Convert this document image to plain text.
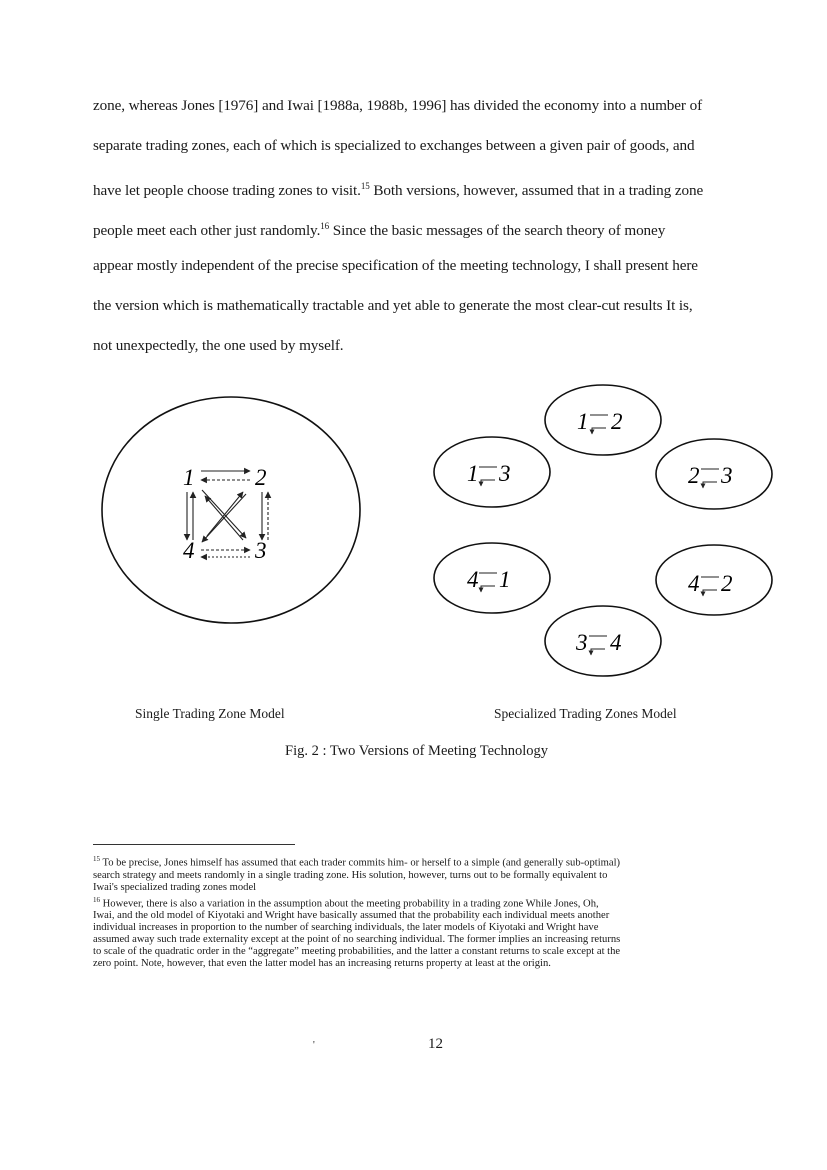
zone, whereas Jones [1976] and Iwai [1988a, 1988b, 1996] has divided the economy into a number of
separate trading zones, each of which is specialized to exchanges between a given pair of goods, and
have let people choose trading zones to visit.$^{15}$ Both versions, however, assumed that in a trading zone
people meet each other just randomly.$^{16}$ Since the basic messages of the search theory of money
appear mostly independent of the precise specification of the meeting technology, I shall present here
the version which is mathematically tractable and yet able to generate the most clear-cut results It is,
not unexpectedly, the one used by myself.

1	2
3
4
1 2
1 3	2 3
4 1	4 2
3 4
Single Trading Zone Model	Specialized Trading Zones Model
Fig. 2 : Two Versions of Meeting Technology
$^{15}$ To be precise, Jones himself has assumed that each trader commits him- or herself to a simple (and generally sub-optimal)
search strategy and meets randomly in a single trading zone. His solution, however, turns out to be formally equivalent to
Iwai's specialized trading zones model
$^{16}$ However, there is also a variation in the assumption about the meeting probability in a trading zone While Jones, Oh,
Iwai, and the old model of Kiyotaki and Wright have basically assumed that the probability each individual meets another
individual increases in proportion to the number of searching individuals, the later models of Kiyotaki and Wright have
assumed away such trade externality except at the point of no searching individual. The former implies an increasing returns
to scale of the quadratic order in the “aggregate” meeting probabilities, and the latter a constant returns to scale except at the
zero point. Note, however, that even the latter model has an increasing returns property at least at the origin.
'	12
